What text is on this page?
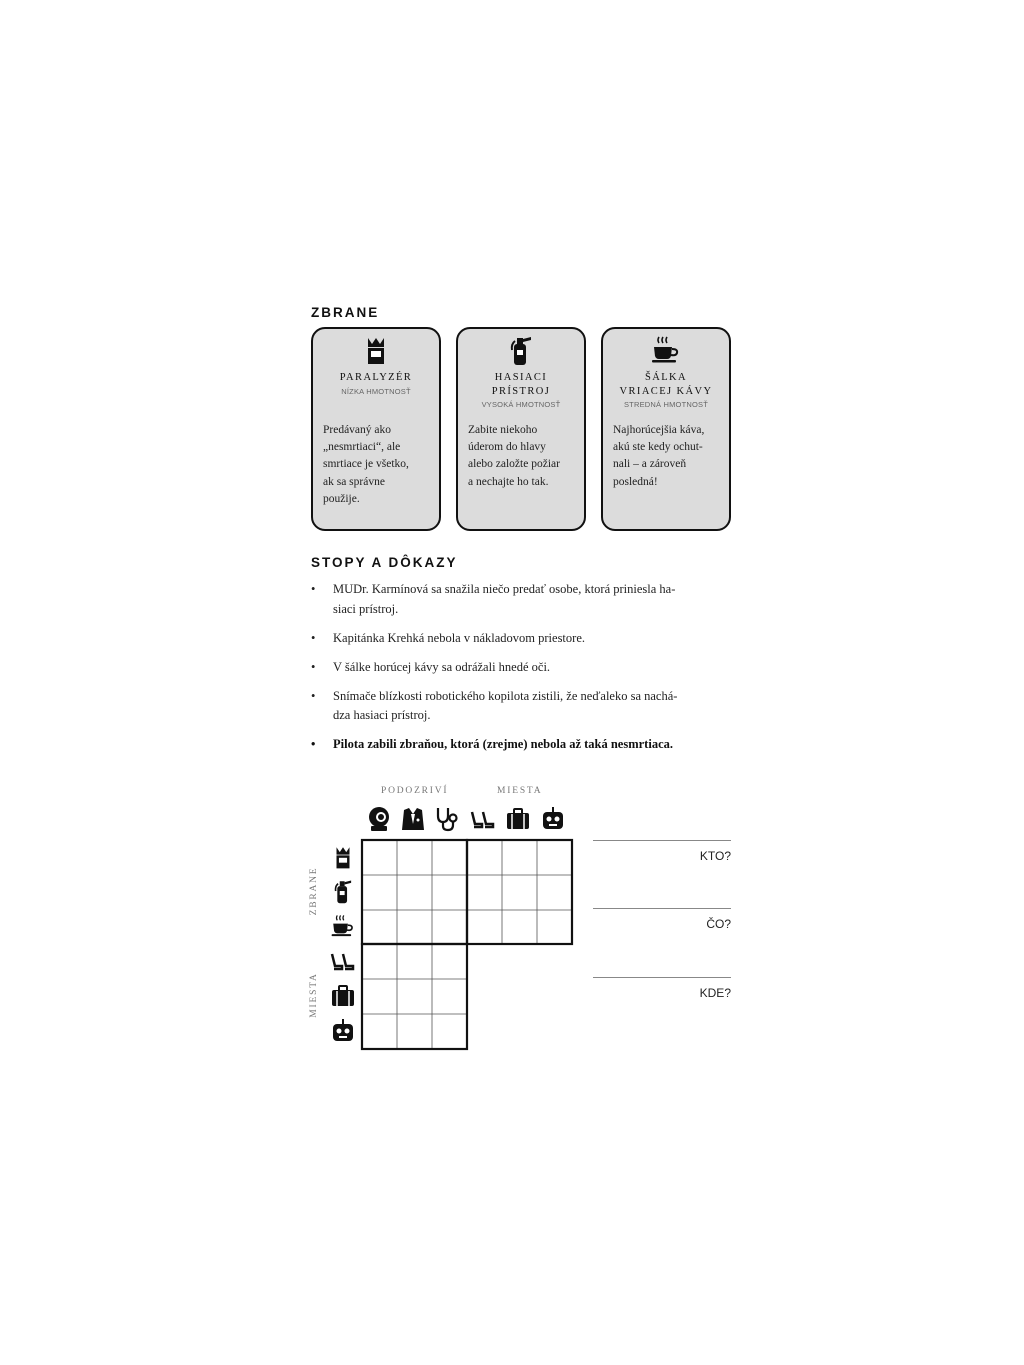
ZBRANE
PARALYZÉR
NÍZKA HMOTNOSŤ
Predávaný ako
„nesmrtiaci“, ale
smrtiace je všetko,
ak sa správne
použije.
HASIACI
PRÍSTROJ
VYSOKÁ HMOTNOSŤ
Zabite niekoho
úderom do hlavy
alebo založte požiar
a nechajte ho tak.
ŠÁLKA
VRIACEJ KÁVY
STREDNÁ HMOTNOSŤ
Najhorúcejšia káva,
akú ste kedy ochut-
nali – a zároveň
posledná!
STOPY A DÔKAZY
• MUDr. Karmínová sa snažila niečo predať osobe, ktorá priniesla ha-
siaci prístroj.
• Kapitánka Krehká nebola v nákladovom priestore.
• V šálke horúcej kávy sa odrážali hnedé oči.
• Snímače blízkosti robotického kopilota zistili, že neďaleko sa nachá-
dza hasiaci prístroj.
• Pilota zabili zbraňou, ktorá (zrejme) nebola až taká nesmrtiaca.
PODOZRIVÍ	MIESTA
ZBRANE
MIESTA
KTO?
ČO?
KDE?
